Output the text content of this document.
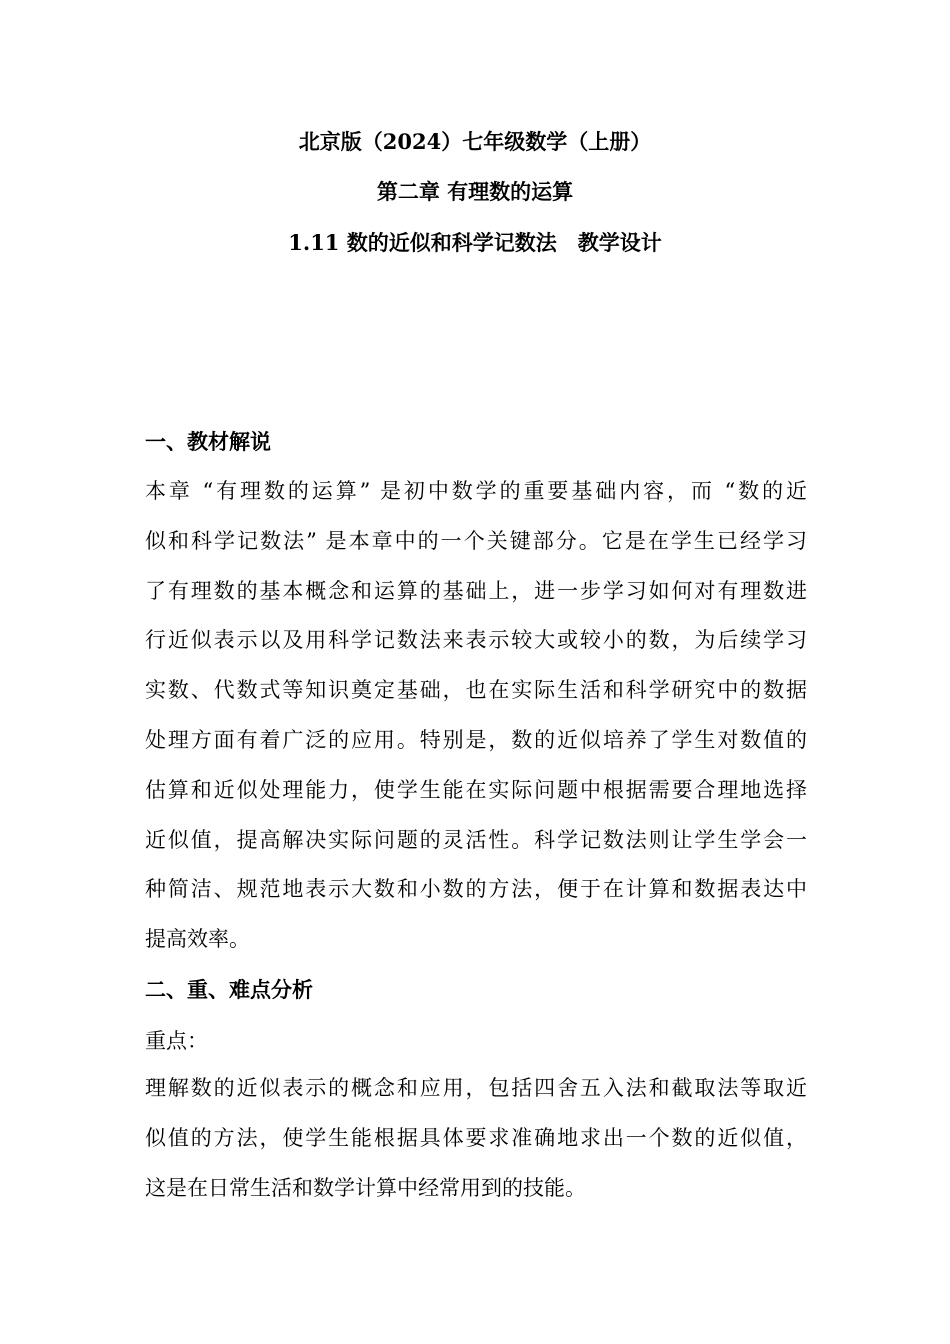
北京版（2024）七年级数学（上册）
第二章 有理数的运算
1.11 数的近似和科学记数法　教学设计
一、教材解说
本章 “有理数的运算” 是初中数学的重要基础内容，而 “数的近
似和科学记数法” 是本章中的一个关键部分。它是在学生已经学习
了有理数的基本概念和运算的基础上，进一步学习如何对有理数进
行近似表示以及用科学记数法来表示较大或较小的数，为后续学习
实数、代数式等知识奠定基础，也在实际生活和科学研究中的数据
处理方面有着广泛的应用。特别是，数的近似培养了学生对数值的
估算和近似处理能力，使学生能在实际问题中根据需要合理地选择
近似值，提高解决实际问题的灵活性。科学记数法则让学生学会一
种简洁、规范地表示大数和小数的方法，便于在计算和数据表达中
提高效率。
二、重、难点分析
重点：
理解数的近似表示的概念和应用，包括四舍五入法和截取法等取近
似值的方法，使学生能根据具体要求准确地求出一个数的近似值，
这是在日常生活和数学计算中经常用到的技能。
